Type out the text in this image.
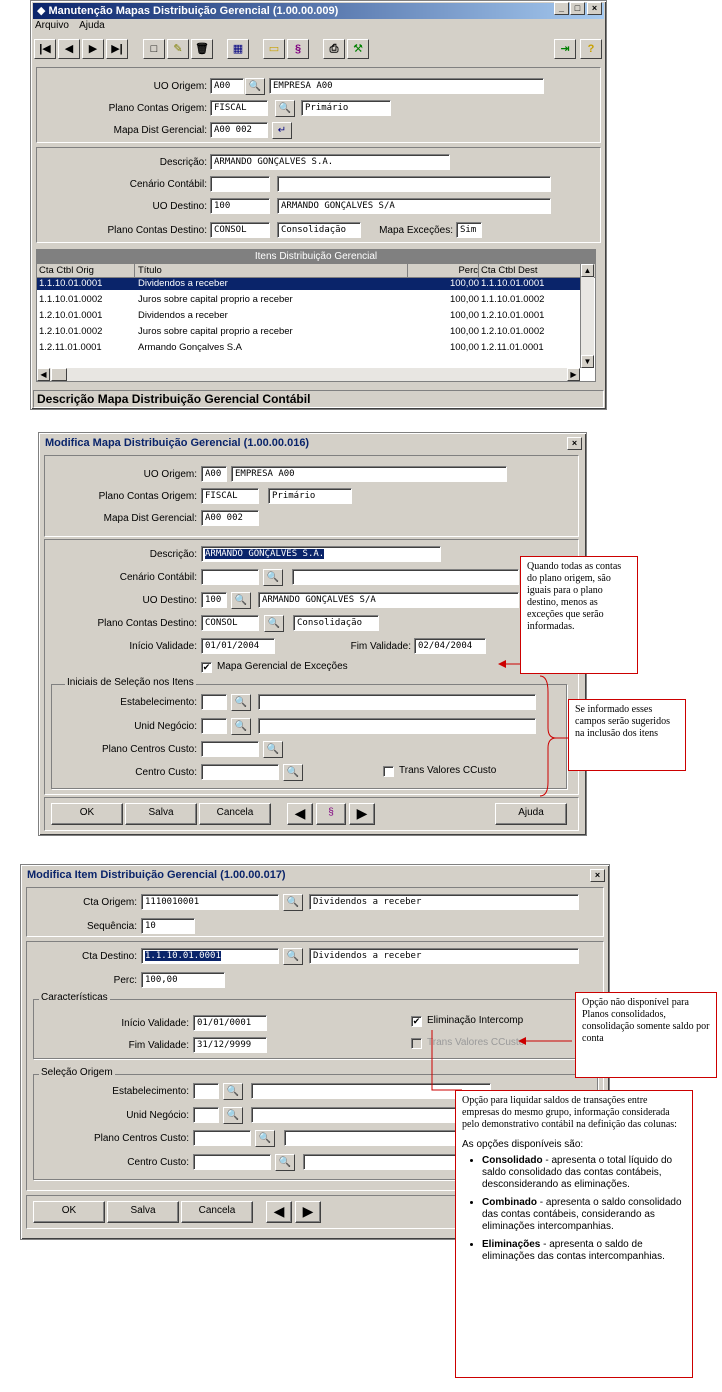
◆ Manutenção Mapas Distribuição Gerencial (1.00.00.009)	_	□	×
Arquivo Ajuda
|◀	◀	▶	▶|	□	✎	🗑	▦	▭	§	⎙	⚒	⇥	?
UO Origem: A00	🔍	EMPRESA A00
Plano Contas Origem: FISCAL	🔍	Primário
Mapa Dist Gerencial: A00 002	↵
Descrição: ARMANDO GONÇALVES S.A.
Cenário Contábil:
UO Destino: 100	ARMANDO GONÇALVES S/A
Plano Contas Destino: CONSOL	Consolidação	Mapa Exceções: Sim
Itens Distribuição Gerencial
Cta Ctbl Orig	Título	Perc Cta Ctbl Dest
1.1.10.01.0001	Dividendos a receber	100,00 1.1.10.01.0001
1.1.10.01.0002	Juros sobre capital proprio a receber	100,00 1.1.10.01.0002
1.2.10.01.0001	Dividendos a receber	100,00 1.2.10.01.0001
1.2.10.01.0002	Juros sobre capital proprio a receber	100,00 1.2.10.01.0002
1.2.11.01.0001	Armando Gonçalves S.A	100,00 1.2.11.01.0001
▲
▼
◀	▶
Descrição Mapa Distribuição Gerencial Contábil
Modifica Mapa Distribuição Gerencial (1.00.00.016)	×
UO Origem: A00	EMPRESA A00
Plano Contas Origem: FISCAL	Primário
Mapa Dist Gerencial: A00 002
Descrição: ARMANDO GONÇALVES S.A.
Cenário Contábil:	🔍
UO Destino: 100	🔍	ARMANDO GONÇALVES S/A
Plano Contas Destino: CONSOL	🔍	Consolidação
Início Validade: 01/01/2004	Fim Validade: 02/04/2004
✔ Mapa Gerencial de Exceções
Iniciais de Seleção nos Itens
Estabelecimento:	🔍
Unid Negócio:	🔍
Plano Centros Custo:	🔍
Centro Custo:	🔍	Trans Valores CCusto
OK	Salva	Cancela	◀	§	▶	Ajuda
Modifica Item Distribuição Gerencial (1.00.00.017)	×
Cta Origem: 1110010001	🔍	Dividendos a receber
Sequência: 10
Cta Destino: 1.1.10.01.0001	🔍	Dividendos a receber
Perc: 100,00
Características
Início Validade: 01/01/0001
Fim Validade: 31/12/9999
✔ Eliminação Intercomp
Trans Valores CCusto
Seleção Origem
Estabelecimento:	🔍
Unid Negócio:	🔍
Plano Centros Custo:	🔍
Centro Custo:	🔍
OK	Salva	Cancela	◀	▶
Quando todas as contas do plano origem, são iguais para o plano destino, menos as exceções que serão informadas.
Se informado esses campos serão sugeridos na inclusão dos itens
Opção não disponível para Planos consolidados, consolidação somente saldo por conta
Opção para liquidar saldos de transações entre empresas do mesmo grupo, informação considerada pelo demonstrativo contábil na definição das colunas:
As opções disponíveis são:
• Consolidado - apresenta o total líquido do saldo consolidado das contas contábeis, desconsiderando as eliminações.
• Combinado - apresenta o saldo consolidado das contas contábeis, considerando as eliminações intercompanhias.
• Eliminações - apresenta o saldo de eliminações das contas intercompanhias.
